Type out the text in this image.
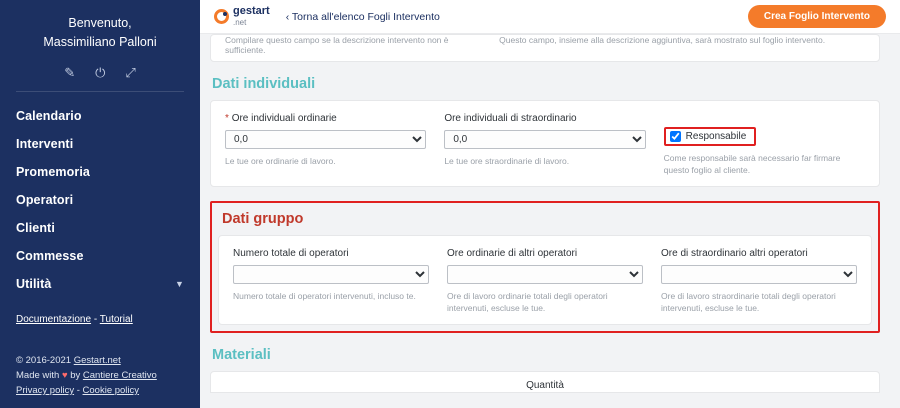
Benvenuto,
Massimiliano Palloni
✎ ⏻ ⤢
Calendario
Interventi
Promemoria
Operatori
Clienti
Commesse
Utilità	▼
Documentazione - Tutorial
© 2016-2021 Gestart.net
Made with ♥ by Cantiere Creativo
Privacy policy - Cookie policy
gestart
.net	‹ Torna all'elenco Fogli Intervento	Crea Foglio Intervento
Compilare questo campo se la descrizione intervento non è sufficiente.
Questo campo, insieme alla descrizione aggiuntiva, sarà mostrato sul foglio intervento.
Dati individuali
* Ore individuali ordinarie
0,0
Le tue ore ordinarie di lavoro.
Ore individuali di straordinario
0,0
Le tue ore straordinarie di lavoro.
Responsabile
Come responsabile sarà necessario far firmare questo foglio al cliente.
Dati gruppo
Numero totale di operatori
Numero totale di operatori intervenuti, incluso te.
Ore ordinarie di altri operatori
Ore di lavoro ordinarie totali degli operatori intervenuti, escluse le tue.
Ore di straordinario altri operatori
Ore di lavoro straordinarie totali degli operatori intervenuti, escluse le tue.
Materiali
Quantità
